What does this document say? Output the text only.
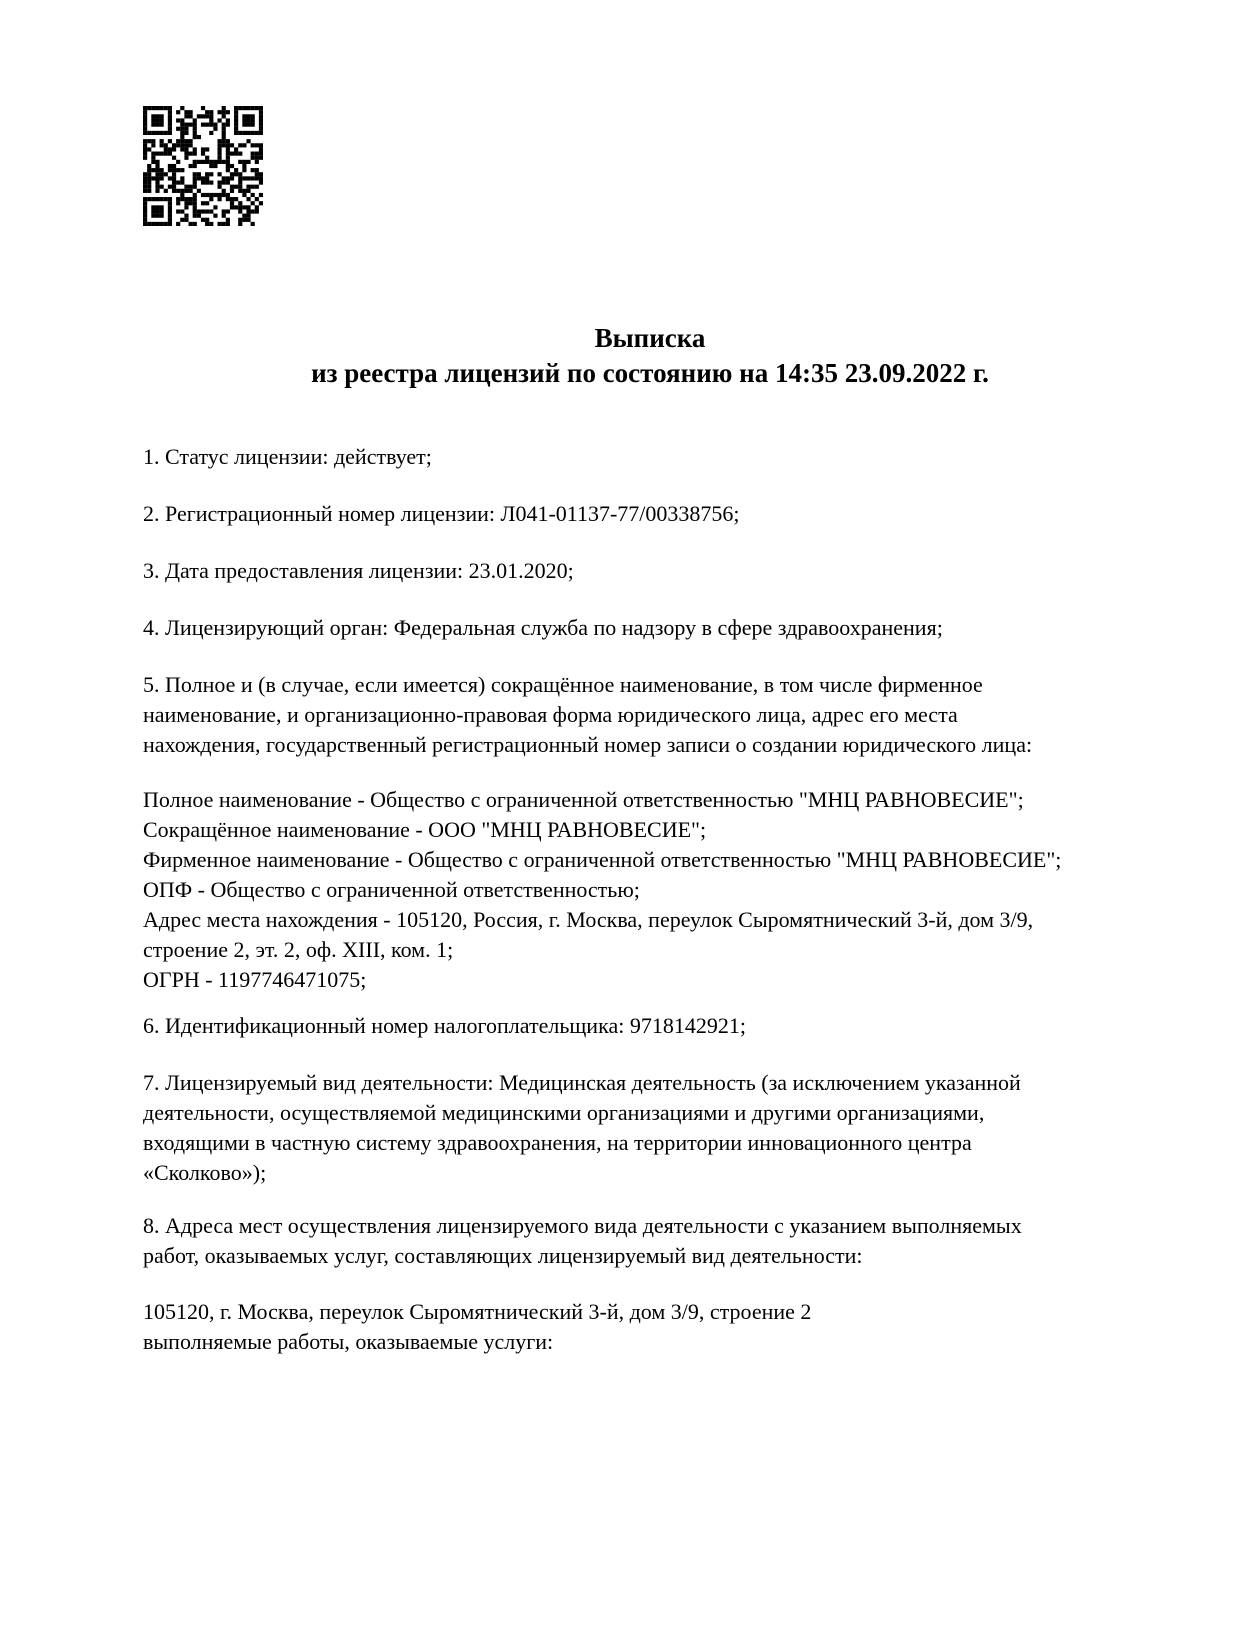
Выписка
из реестра лицензий по состоянию на 14:35 23.09.2022 г.

1. Статус лицензии: действует;

2. Регистрационный номер лицензии: Л041-01137-77/00338756;

3. Дата предоставления лицензии: 23.01.2020;

4. Лицензирующий орган: Федеральная служба по надзору в сфере здравоохранения;

5. Полное и (в случае, если имеется) сокращённое наименование, в том числе фирменное

наименование, и организационно-правовая форма юридического лица, адрес его места

нахождения, государственный регистрационный номер записи о создании юридического лица:

Полное наименование - Общество с ограниченной ответственностью "МНЦ РАВНОВЕСИЕ";

Сокращённое наименование - ООО "МНЦ РАВНОВЕСИЕ";

Фирменное наименование - Общество с ограниченной ответственностью "МНЦ РАВНОВЕСИЕ";

ОПФ - Общество с ограниченной ответственностью;

Адрес места нахождения - 105120, Россия, г. Москва, переулок Сыромятнический 3-й, дом 3/9,

строение 2, эт. 2, оф. XIII, ком. 1;

ОГРН - 1197746471075;

6. Идентификационный номер налогоплательщика: 9718142921;

7. Лицензируемый вид деятельности: Медицинская деятельность (за исключением указанной

деятельности, осуществляемой медицинскими организациями и другими организациями,

входящими в частную систему здравоохранения, на территории инновационного центра

«Сколково»);

8. Адреса мест осуществления лицензируемого вида деятельности с указанием выполняемых

работ, оказываемых услуг, составляющих лицензируемый вид деятельности:

105120, г. Москва, переулок Сыромятнический 3-й, дом 3/9, строение 2

выполняемые работы, оказываемые услуги:
